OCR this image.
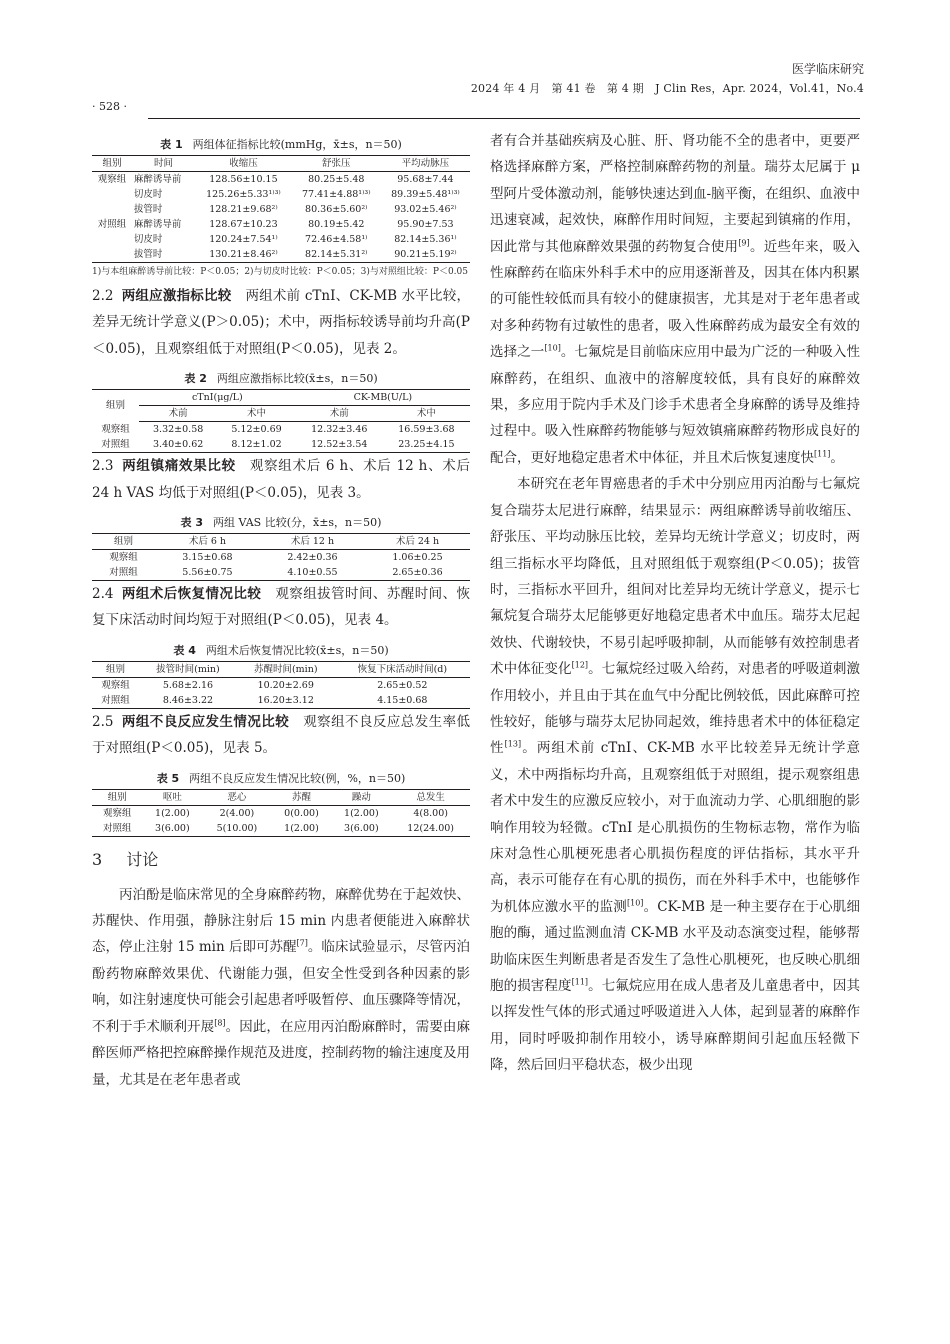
医学临床研究
2024 年 4 月　第 41 卷　第 4 期　J Clin Res，Apr. 2024，Vol.41，No.4
· 528 ·
表 1 两组体征指标比较(mmHg，x̄±s，n＝50)
组别	时间	收缩压	舒张压	平均动脉压
观察组	麻醉诱导前	128.56±10.15	80.25±5.48	95.68±7.44
	切皮时	125.26±5.33¹⁾³⁾	77.41±4.88¹⁾³⁾	89.39±5.48¹⁾³⁾
	拔管时	128.21±9.68²⁾	80.36±5.60²⁾	93.02±5.46²⁾
对照组	麻醉诱导前	128.67±10.23	80.19±5.42	95.90±7.53
	切皮时	120.24±7.54¹⁾	72.46±4.58¹⁾	82.14±5.36¹⁾
	拔管时	130.21±8.46²⁾	82.14±5.31²⁾	90.21±5.19²⁾
1)与本组麻醉诱导前比较：P＜0.05；2)与切皮时比较：P＜0.05；3)与对照组比较：P＜0.05

2.2 两组应激指标比较 两组术前 cTnI、CK-MB 水平比较，差异无统计学意义(P＞0.05)；术中，两指标较诱导前均升高(P＜0.05)，且观察组低于对照组(P＜0.05)，见表 2。

表 2 两组应激指标比较(x̄±s，n＝50)
组别	cTnI(μg/L)		CK-MB(U/L)	
	术前	术中	术前	术中
观察组	3.32±0.58	5.12±0.69	12.32±3.46	16.59±3.68
对照组	3.40±0.62	8.12±1.02	12.52±3.54	23.25±4.15

2.3 两组镇痛效果比较 观察组术后 6 h、术后 12 h、术后 24 h VAS 均低于对照组(P＜0.05)，见表 3。

表 3 两组 VAS 比较(分，x̄±s，n＝50)
组别	术后 6 h	术后 12 h	术后 24 h
观察组	3.15±0.68	2.42±0.36	1.06±0.25
对照组	5.56±0.75	4.10±0.55	2.65±0.36

2.4 两组术后恢复情况比较 观察组拔管时间、苏醒时间、恢复下床活动时间均短于对照组(P＜0.05)，见表 4。

表 4 两组术后恢复情况比较(x̄±s，n＝50)
组别	拔管时间(min)	苏醒时间(min)	恢复下床活动时间(d)
观察组	5.68±2.16	10.20±2.69	2.65±0.52
对照组	8.46±3.22	16.20±3.12	4.15±0.68

2.5 两组不良反应发生情况比较 观察组不良反应总发生率低于对照组(P＜0.05)，见表 5。

表 5 两组不良反应发生情况比较(例，%，n＝50)
组别	呕吐	恶心	苏醒	躁动	总发生
观察组	1(2.00)	2(4.00)	0(0.00)	1(2.00)	4(8.00)
对照组	3(6.00)	5(10.00)	1(2.00)	3(6.00)	12(24.00)
3　 讨论

丙泊酚是临床常见的全身麻醉药物，麻醉优势在于起效快、苏醒快、作用强，静脉注射后 15 min 内患者便能进入麻醉状态，停止注射 15 min 后即可苏醒[7]。临床试验显示，尽管丙泊酚药物麻醉效果优、代谢能力强，但安全性受到各种因素的影响，如注射速度快可能会引起患者呼吸暂停、血压骤降等情况，不利于手术顺利开展[8]。因此，在应用丙泊酚麻醉时，需要由麻醉医师严格把控麻醉操作规范及进度，控制药物的输注速度及用量，尤其是在老年患者或

者有合并基础疾病及心脏、肝、肾功能不全的患者中，更要严格选择麻醉方案，严格控制麻醉药物的剂量。瑞芬太尼属于 μ 型阿片受体激动剂，能够快速达到血-脑平衡，在组织、血液中迅速衰减，起效快，麻醉作用时间短，主要起到镇痛的作用，因此常与其他麻醉效果强的药物复合使用[9]。近些年来，吸入性麻醉药在临床外科手术中的应用逐渐普及，因其在体内积累的可能性较低而具有较小的健康损害，尤其是对于老年患者或对多种药物有过敏性的患者，吸入性麻醉药成为最安全有效的选择之一[10]。七氟烷是目前临床应用中最为广泛的一种吸入性麻醉药，在组织、血液中的溶解度较低，具有良好的麻醉效果，多应用于院内手术及门诊手术患者全身麻醉的诱导及维持过程中。吸入性麻醉药物能够与短效镇痛麻醉药物形成良好的配合，更好地稳定患者术中体征，并且术后恢复速度快[11]。

本研究在老年胃癌患者的手术中分别应用丙泊酚与七氟烷复合瑞芬太尼进行麻醉，结果显示：两组麻醉诱导前收缩压、舒张压、平均动脉压比较，差异均无统计学意义；切皮时，两组三指标水平均降低，且对照组低于观察组(P＜0.05)；拔管时，三指标水平回升，组间对比差异均无统计学意义，提示七氟烷复合瑞芬太尼能够更好地稳定患者术中血压。瑞芬太尼起效快、代谢较快，不易引起呼吸抑制，从而能够有效控制患者术中体征变化[12]。七氟烷经过吸入给药，对患者的呼吸道刺激作用较小，并且由于其在血气中分配比例较低，因此麻醉可控性较好，能够与瑞芬太尼协同起效，维持患者术中的体征稳定性[13]。两组术前 cTnI、CK-MB 水平比较差异无统计学意义，术中两指标均升高，且观察组低于对照组，提示观察组患者术中发生的应激反应较小，对于血流动力学、心肌细胞的影响作用较为轻微。cTnI 是心肌损伤的生物标志物，常作为临床对急性心肌梗死患者心肌损伤程度的评估指标，其水平升高，表示可能存在有心肌的损伤，而在外科手术中，也能够作为机体应激水平的监测[10]。CK-MB 是一种主要存在于心肌细胞的酶，通过监测血清 CK-MB 水平及动态演变过程，能够帮助临床医生判断患者是否发生了急性心肌梗死，也反映心肌细胞的损害程度[11]。七氟烷应用在成人患者及儿童患者中，因其以挥发性气体的形式通过呼吸道进入人体，起到显著的麻醉作用，同时呼吸抑制作用较小，诱导麻醉期间引起血压轻微下降，然后回归平稳状态，极少出现
